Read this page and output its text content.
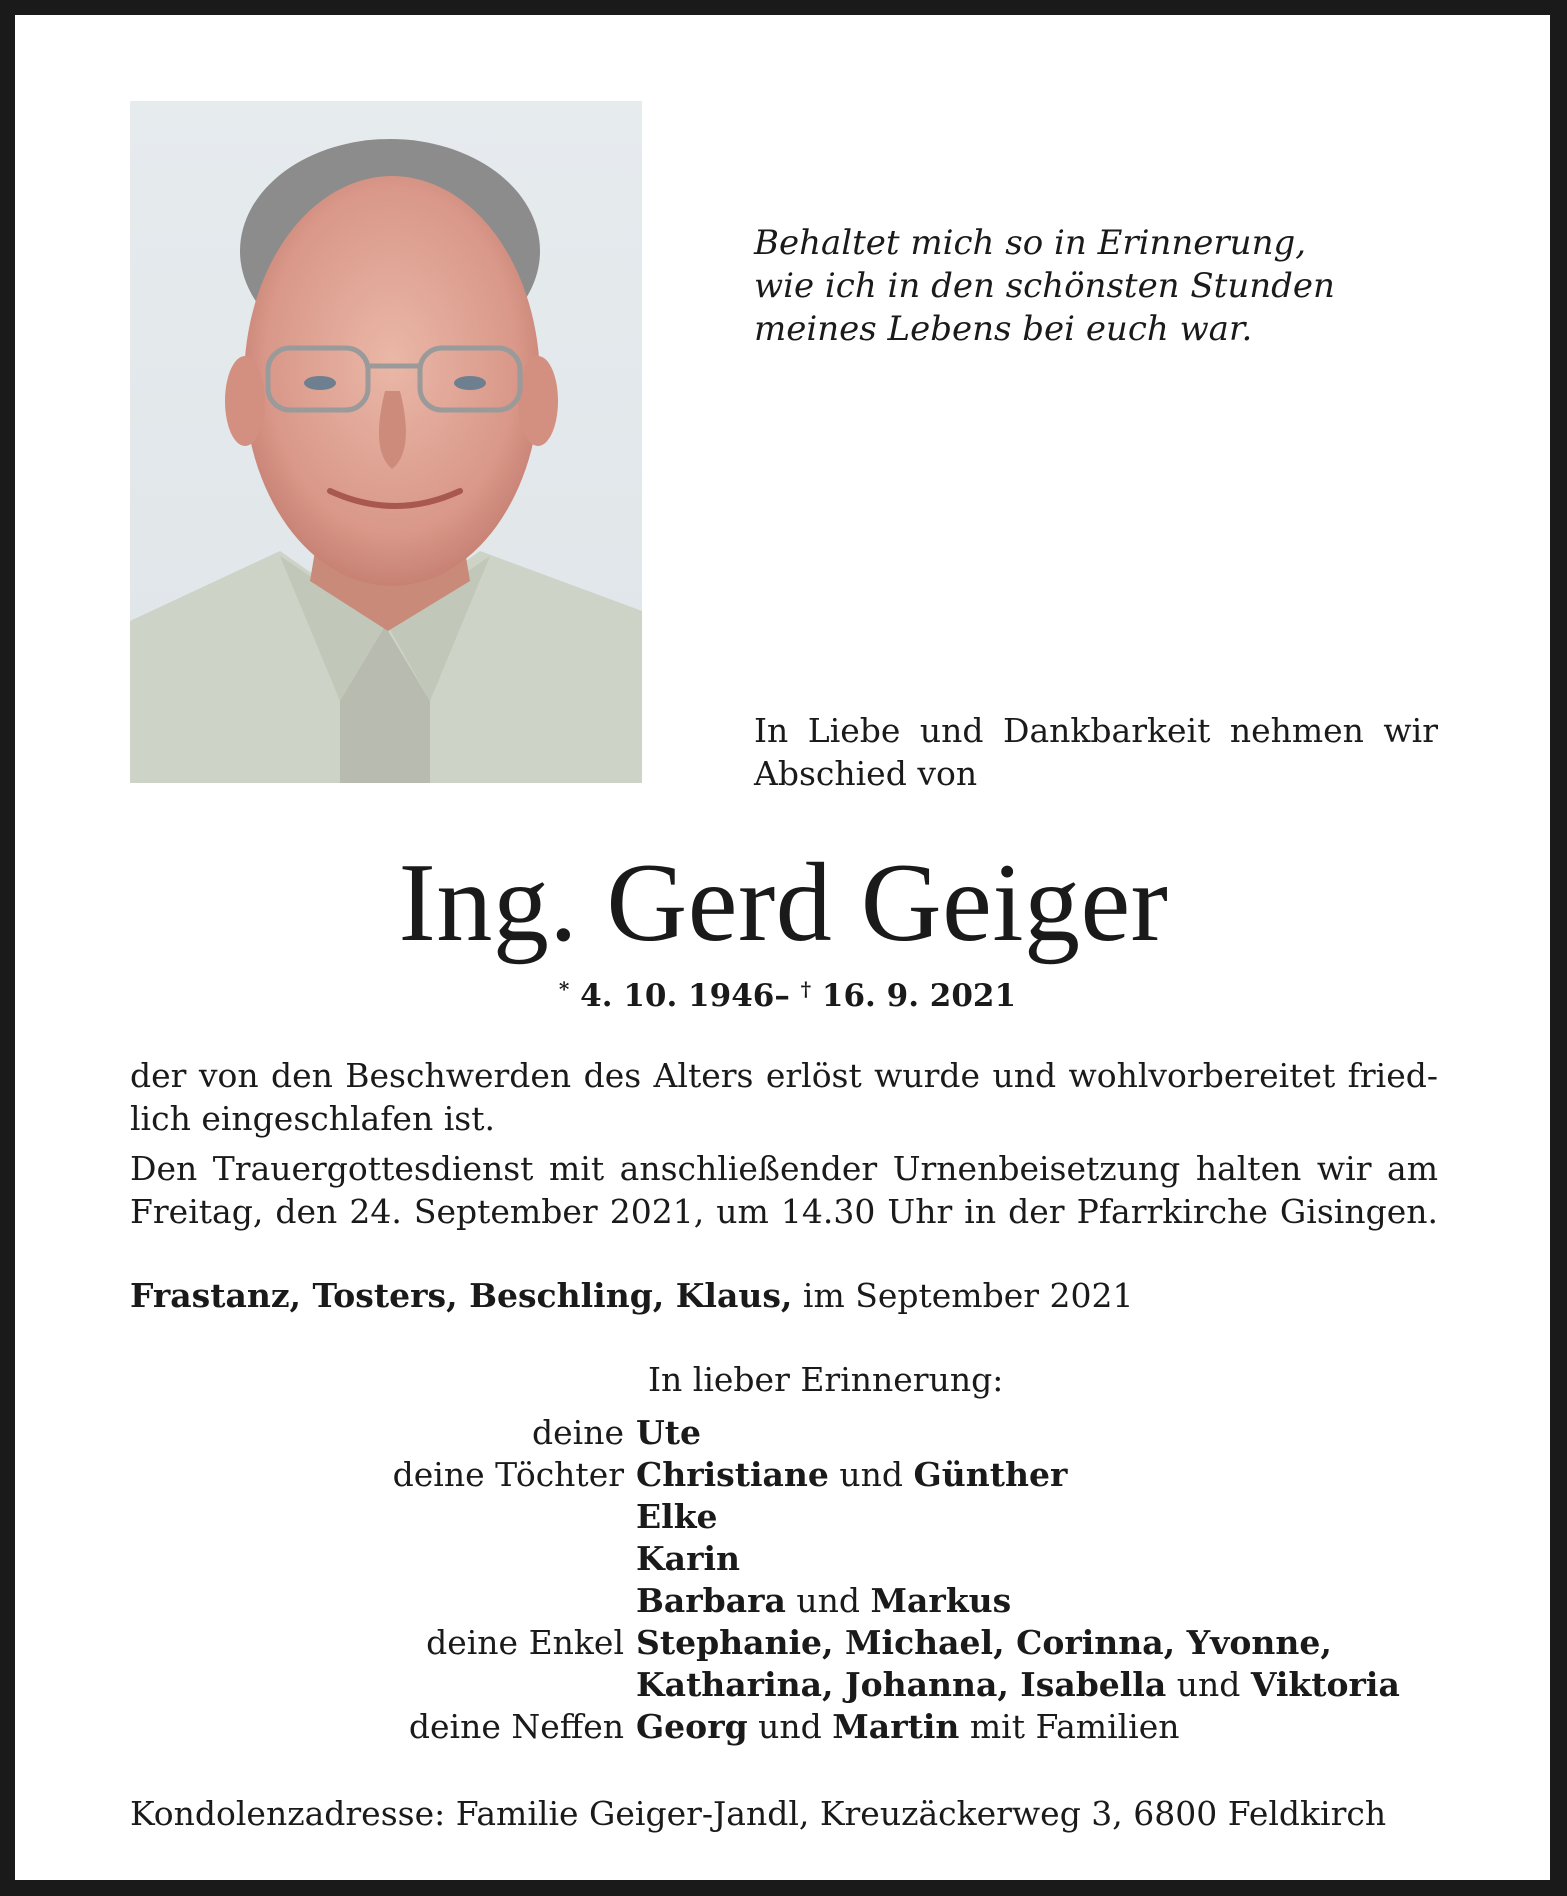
Behaltet mich so in Erinnerung,
wie ich in den schönsten Stunden
meines Lebens bei euch war.
In Liebe und Dankbarkeit nehmen wir
Abschied von
Ing. Gerd Geiger
* 4. 10. 1946– † 16. 9. 2021
der von den Beschwerden des Alters erlöst wurde und wohlvorbereitet fried-
lich eingeschlafen ist.
Den Trauergottesdienst mit anschließender Urnenbeisetzung halten wir am
Freitag, den 24. September 2021, um 14.30 Uhr in der Pfarrkirche Gisingen.
Frastanz, Tosters, Beschling, Klaus, im September 2021
In lieber Erinnerung:
deine Ute
deine Töchter Christiane und Günther
Elke
Karin
Barbara und Markus
deine Enkel Stephanie, Michael, Corinna, Yvonne,
Katharina, Johanna, Isabella und Viktoria
deine Neffen Georg und Martin mit Familien
Kondolenzadresse: Familie Geiger-Jandl, Kreuzäckerweg 3, 6800 Feldkirch
